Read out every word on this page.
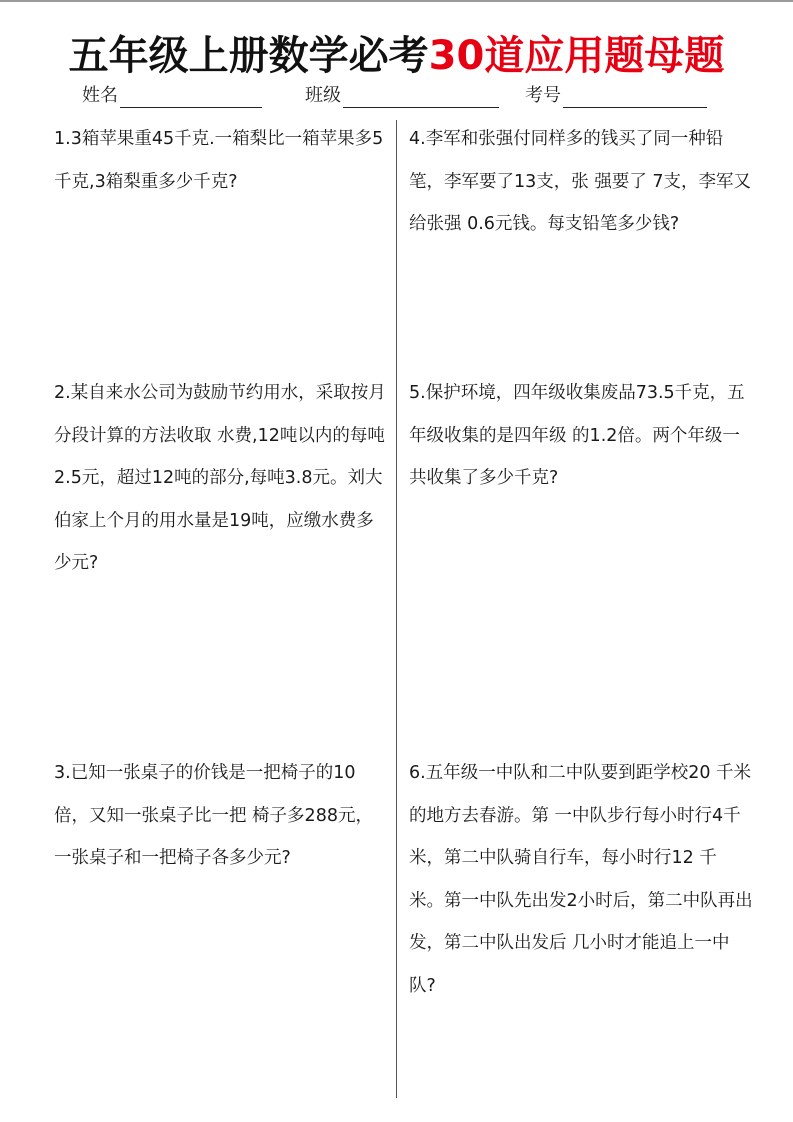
五年级上册数学必考30道应用题母题
姓名	班级	考号
1.3箱苹果重45千克.一箱梨比一箱苹果多5千克,3箱梨重多少千克?
2.某自来水公司为鼓励节约用水，采取按月分段计算的方法收取 水费,12吨以内的每吨2.5元，超过12吨的部分,每吨3.8元。刘大伯家上个月的用水量是19吨，应缴水费多少元?
3.已知一张桌子的价钱是一把椅子的10倍，又知一张桌子比一把 椅子多288元，一张桌子和一把椅子各多少元?
4.李军和张强付同样多的钱买了同一种铅笔，李军要了13支，张 强要了 7支，李军又给张强 0.6元钱。每支铅笔多少钱?
5.保护环境，四年级收集废品73.5千克，五年级收集的是四年级 的1.2倍。两个年级一共收集了多少千克?
6.五年级一中队和二中队要到距学校20 千米的地方去春游。第 一中队步行每小时行4千米，第二中队骑自行车，每小时行12 千 米。第一中队先出发2小时后，第二中队再出发，第二中队出发后 几小时才能追上一中队?
